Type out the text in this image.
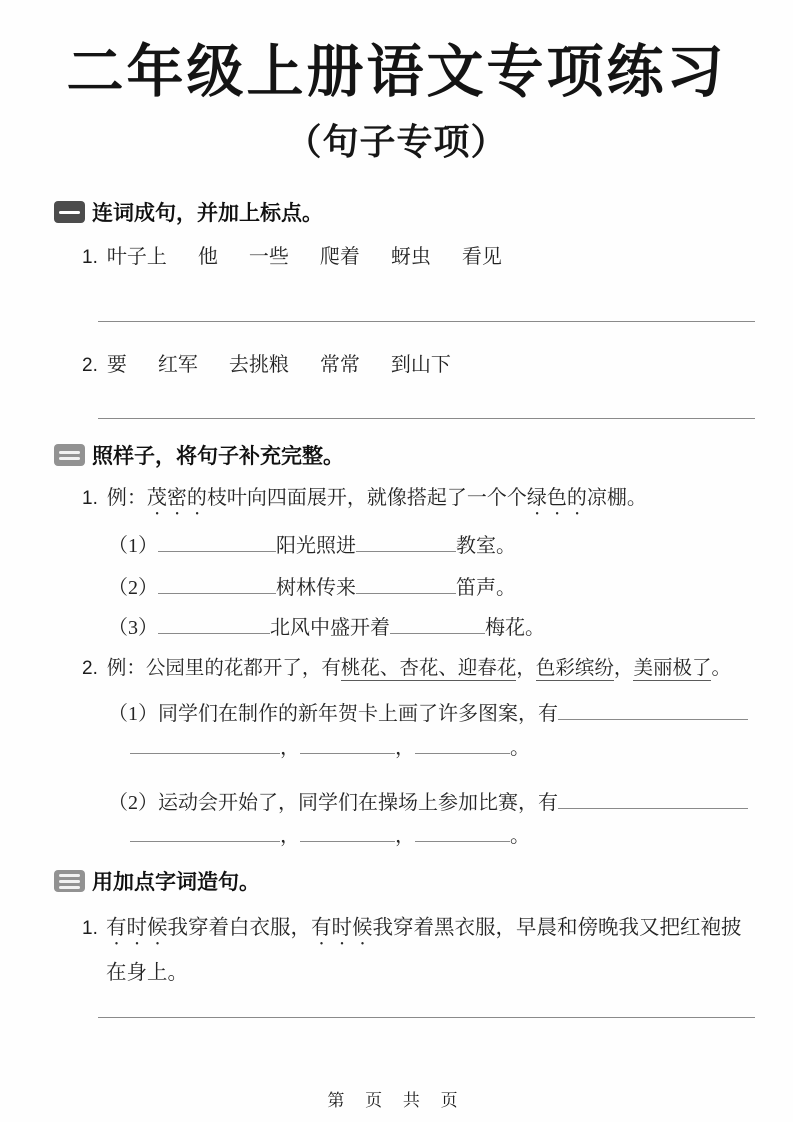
二年级上册语文专项练习
（句子专项）
连词成句，并加上标点。
1. 叶子上 他 一些 爬着 蚜虫 看见
2. 要 红军 去挑粮 常常 到山下
照样子，将句子补充完整。
1. 例：茂密的枝叶向四面展开，就像搭起了一个个绿色的凉棚。
（1）	阳光照进	教室。
（2）	树林传来	笛声。
（3）	北风中盛开着	梅花。
2. 例：公园里的花都开了，有桃花、杏花、迎春花，色彩缤纷，美丽极了。
（1） 同学们在制作的新年贺卡上画了许多图案，有
，	，	。
（2） 运动会开始了，同学们在操场上参加比赛，有
，	，	。
用加点字词造句。
1. 有时候我穿着白衣服，有时候我穿着黑衣服，早晨和傍晚我又把红袍披在身上。
第 页 共 页
